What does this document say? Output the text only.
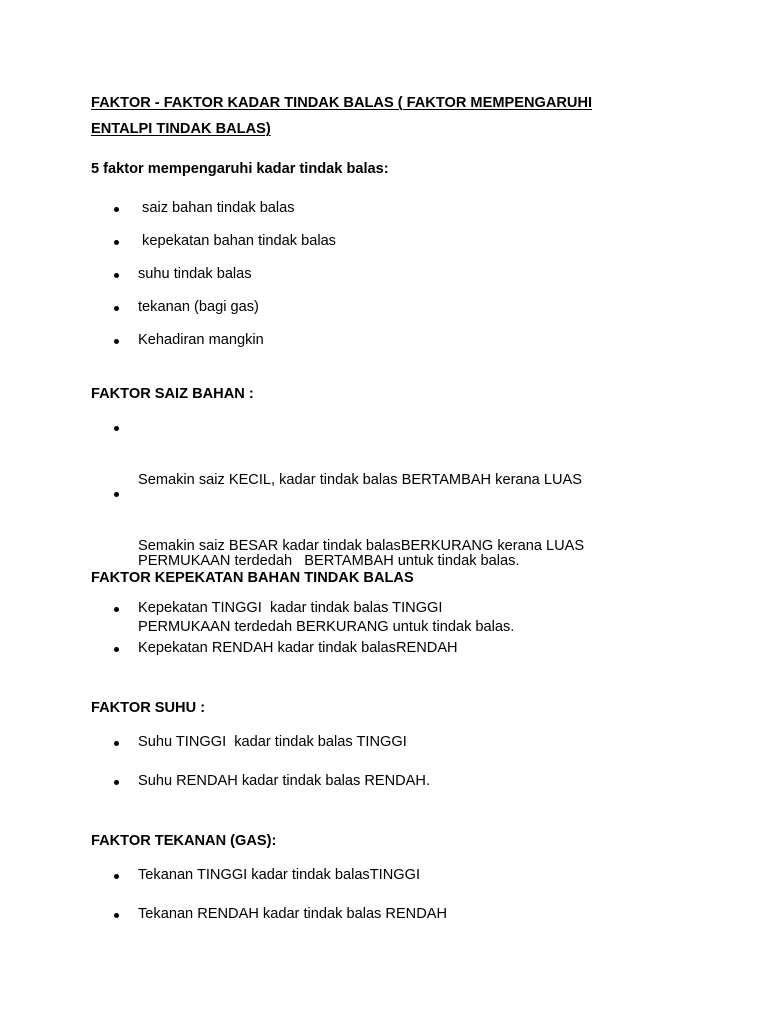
FAKTOR - FAKTOR KADAR TINDAK BALAS ( FAKTOR MEMPENGARUHI
ENTALPI TINDAK BALAS)
5 faktor mempengaruhi kadar tindak balas:
saiz bahan tindak balas
kepekatan bahan tindak balas
suhu tindak balas
tekanan (bagi gas)
Kehadiran mangkin
FAKTOR SAIZ BAHAN :

Semakin saiz KECIL, kadar tindak balas BERTAMBAH kerana LUAS

PERMUKAAN terdedah   BERTAMBAH untuk tindak balas.

Semakin saiz BESAR kadar tindak balasBERKURANG kerana LUAS

PERMUKAAN terdedah BERKURANG untuk tindak balas.

FAKTOR KEPEKATAN BAHAN TINDAK BALAS
Kepekatan TINGGI  kadar tindak balas TINGGI
Kepekatan RENDAH kadar tindak balasRENDAH
FAKTOR SUHU :
Suhu TINGGI  kadar tindak balas TINGGI
Suhu RENDAH kadar tindak balas RENDAH.
FAKTOR TEKANAN (GAS):
Tekanan TINGGI kadar tindak balasTINGGI
Tekanan RENDAH kadar tindak balas RENDAH
